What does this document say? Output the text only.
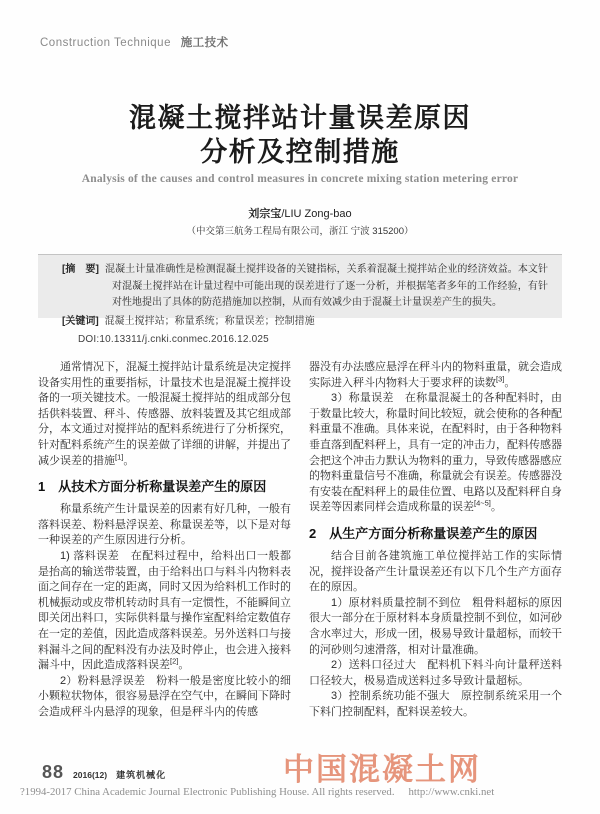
Construction Technique 施工技术
混凝土搅拌站计量误差原因
分析及控制措施
Analysis of the causes and control measures in concrete mixing station metering error
刘宗宝/LIU Zong-bao
（中交第三航务工程局有限公司，浙江 宁波 315200）

[摘　要] 混凝土计量准确性是检测混凝土搅拌设备的关键指标，关系着混凝土搅拌站企业的经济效益。本文针对混凝土搅拌站在计量过程中可能出现的误差进行了逐一分析，并根据笔者多年的工作经验，有针对性地提出了具体的防范措施加以控制，从而有效减少由于混凝土计量误差产生的损失。

[关键词] 混凝土搅拌站；称量系统；称量误差；控制措施
DOI:10.13311/j.cnki.conmec.2016.12.025

通常情况下，混凝土搅拌站计量系统是决定搅拌设备实用性的重要指标，计量技术也是混凝土搅拌设备的一项关键技术。一般混凝土搅拌站的组成部分包括供料装置、秤斗、传感器、放料装置及其它组成部分，本文通过对搅拌站的配料系统进行了分析探究，针对配料系统产生的误差做了详细的讲解，并提出了减少误差的措施[1]。

1　从技术方面分析称量误差产生的原因

称量系统产生计量误差的因素有好几种，一般有落料误差、粉料悬浮误差、称量误差等，以下是对每一种误差的产生原因进行分析。

1) 落料误差　在配料过程中，给料出口一般都是抬高的输送带装置，由于给料出口与料斗内物料表面之间存在一定的距离，同时又因为给料机工作时的机械振动或皮带机转动时具有一定惯性，不能瞬间立即关闭出料口，实际供料量与操作室配料给定数值存在一定的差值，因此造成落料误差。另外送料口与接料漏斗之间的配料没有办法及时停止，也会进入接料漏斗中，因此造成落料误差[2]。

2）粉料悬浮误差　粉料一般是密度比较小的细小颗粒状物体，很容易悬浮在空气中，在瞬间下降时会造成秤斗内悬浮的现象，但是秤斗内的传感

器没有办法感应悬浮在秤斗内的物料重量，就会造成实际进入秤斗内物料大于要求秤的读数[3]。

3）称量误差　在称量混凝土的各种配料时，由于数量比较大，称量时间比较短，就会使称的各种配料重量不准确。具体来说，在配料时，由于各种物料垂直落到配料秤上，具有一定的冲击力，配料传感器会把这个冲击力默认为物料的重力，导致传感器感应的物料重量信号不准确，称量就会有误差。传感器没有安装在配料秤上的最佳位置、电路以及配料秤自身误差等因素同样会造成称量的误差[4~5]。

2　从生产方面分析称量误差产生的原因

结合目前各建筑施工单位搅拌站工作的实际情况，搅拌设备产生计量误差还有以下几个生产方面存在的原因。

1）原材料质量控制不到位　粗骨料超标的原因很大一部分在于原材料本身质量控制不到位，如河砂含水率过大，形成一团，极易导致计量超标，而较干的河砂则匀速滑落，相对计量准确。

2）送料口径过大　配料机下料斗向计量秤送料口径较大，极易造成送料过多导致计量超标。

3）控制系统功能不强大　原控制系统采用一个下料门控制配料，配料误差较大。

88 2016(12) 建筑机械化	中国混凝土网
?1994-2017 China Academic Journal Electronic Publishing House. All rights reserved. http://www.cnki.net
